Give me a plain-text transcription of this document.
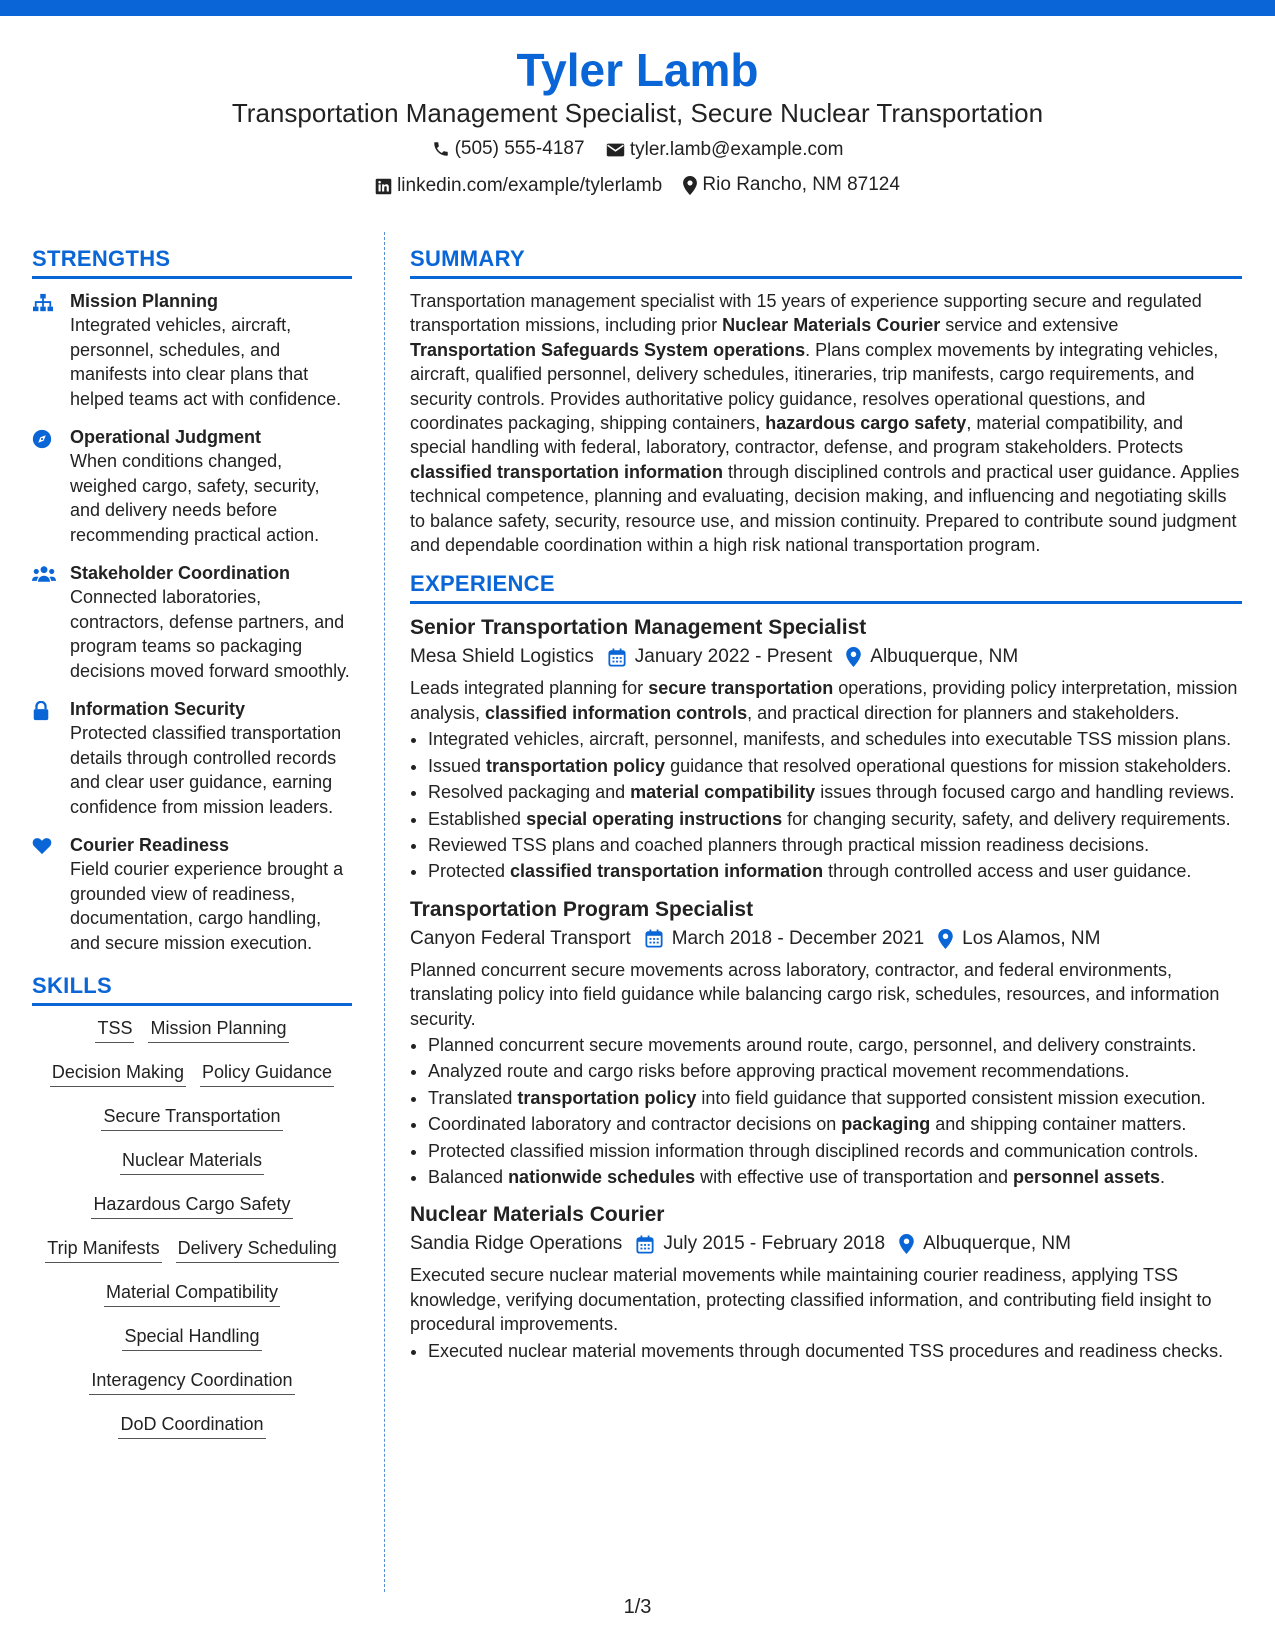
Tyler Lamb
Transportation Management Specialist, Secure Nuclear Transportation
(505) 555-4187
tyler.lamb@example.com
linkedin.com/example/tylerlamb
Rio Rancho, NM 87124
STRENGTHS
Mission Planning
Integrated vehicles, aircraft, personnel, schedules, and manifests into clear plans that helped teams act with confidence.
Operational Judgment
When conditions changed, weighed cargo, safety, security, and delivery needs before recommending practical action.
Stakeholder Coordination
Connected laboratories, contractors, defense partners, and program teams so packaging decisions moved forward smoothly.
Information Security
Protected classified transportation details through controlled records and clear user guidance, earning confidence from mission leaders.
Courier Readiness
Field courier experience brought a grounded view of readiness, documentation, cargo handling, and secure mission execution.
SKILLS
TSS Mission Planning
Decision Making Policy Guidance
Secure Transportation
Nuclear Materials
Hazardous Cargo Safety
Trip Manifests Delivery Scheduling
Material Compatibility
Special Handling
Interagency Coordination
DoD Coordination
SUMMARY
Transportation management specialist with 15 years of experience supporting secure and regulated transportation missions, including prior Nuclear Materials Courier service and extensive Transportation Safeguards System operations. Plans complex movements by integrating vehicles, aircraft, qualified personnel, delivery schedules, itineraries, trip manifests, cargo requirements, and security controls. Provides authoritative policy guidance, resolves operational questions, and coordinates packaging, shipping containers, hazardous cargo safety, material compatibility, and special handling with federal, laboratory, contractor, defense, and program stakeholders. Protects classified transportation information through disciplined controls and practical user guidance. Applies technical competence, planning and evaluating, decision making, and influencing and negotiating skills to balance safety, security, resource use, and mission continuity. Prepared to contribute sound judgment and dependable coordination within a high risk national transportation program.
EXPERIENCE
Senior Transportation Management Specialist
Mesa Shield Logistics January 2022 - Present Albuquerque, NM
Leads integrated planning for secure transportation operations, providing policy interpretation, mission analysis, classified information controls, and practical direction for planners and stakeholders.
• Integrated vehicles, aircraft, personnel, manifests, and schedules into executable TSS mission plans.
• Issued transportation policy guidance that resolved operational questions for mission stakeholders.
• Resolved packaging and material compatibility issues through focused cargo and handling reviews.
• Established special operating instructions for changing security, safety, and delivery requirements.
• Reviewed TSS plans and coached planners through practical mission readiness decisions.
• Protected classified transportation information through controlled access and user guidance.
Transportation Program Specialist
Canyon Federal Transport March 2018 - December 2021 Los Alamos, NM
Planned concurrent secure movements across laboratory, contractor, and federal environments, translating policy into field guidance while balancing cargo risk, schedules, resources, and information security.
• Planned concurrent secure movements around route, cargo, personnel, and delivery constraints.
• Analyzed route and cargo risks before approving practical movement recommendations.
• Translated transportation policy into field guidance that supported consistent mission execution.
• Coordinated laboratory and contractor decisions on packaging and shipping container matters.
• Protected classified mission information through disciplined records and communication controls.
• Balanced nationwide schedules with effective use of transportation and personnel assets.
Nuclear Materials Courier
Sandia Ridge Operations July 2015 - February 2018 Albuquerque, NM
Executed secure nuclear material movements while maintaining courier readiness, applying TSS knowledge, verifying documentation, protecting classified information, and contributing field insight to procedural improvements.
• Executed nuclear material movements through documented TSS procedures and readiness checks.
1/3
